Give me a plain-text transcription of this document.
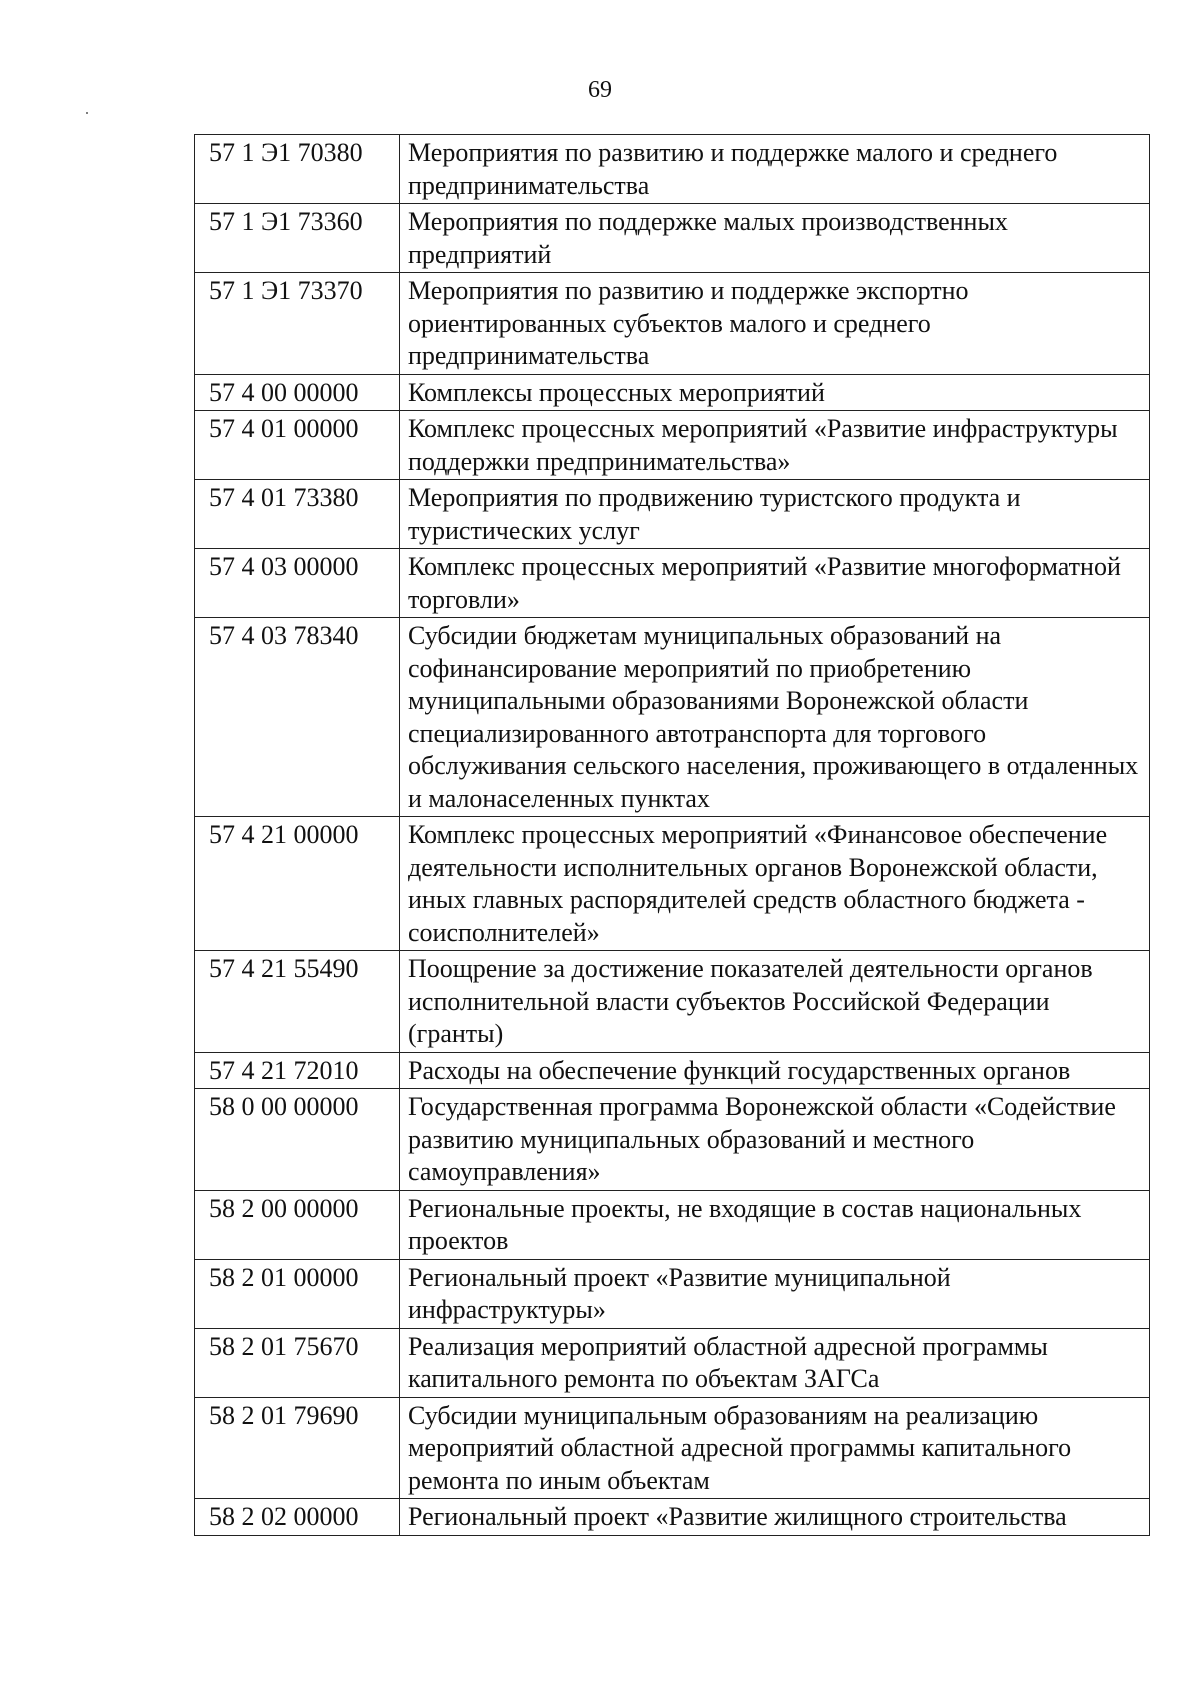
69
57 1 Э1 70380	Мероприятия по развитию и поддержке малого и среднего предпринимательства
57 1 Э1 73360	Мероприятия по поддержке малых производственных предприятий
57 1 Э1 73370	Мероприятия по развитию и поддержке экспортно ориентированных субъектов малого и среднего предпринимательства
57 4 00 00000	Комплексы процессных мероприятий
57 4 01 00000	Комплекс процессных мероприятий «Развитие инфраструктуры поддержки предпринимательства»
57 4 01 73380	Мероприятия по продвижению туристского продукта и туристических услуг
57 4 03 00000	Комплекс процессных мероприятий «Развитие многоформатной торговли»
57 4 03 78340	Субсидии бюджетам муниципальных образований на софинансирование мероприятий по приобретению муниципальными образованиями Воронежской области специализированного автотранспорта для торгового обслуживания сельского населения, проживающего в отдаленных и малонаселенных пунктах
57 4 21 00000	Комплекс процессных мероприятий «Финансовое обеспечение деятельности исполнительных органов Воронежской области, иных главных распорядителей средств областного бюджета - соисполнителей»
57 4 21 55490	Поощрение за достижение показателей деятельности органов исполнительной власти субъектов Российской Федерации (гранты)
57 4 21 72010	Расходы на обеспечение функций государственных органов
58 0 00 00000	Государственная программа Воронежской области «Содействие развитию муниципальных образований и местного самоуправления»
58 2 00 00000	Региональные проекты, не входящие в состав национальных проектов
58 2 01 00000	Региональный проект «Развитие муниципальной инфраструктуры»
58 2 01 75670	Реализация мероприятий областной адресной программы капитального ремонта по объектам ЗАГСа
58 2 01 79690	Субсидии муниципальным образованиям на реализацию мероприятий областной адресной программы капитального ремонта по иным объектам
58 2 02 00000	Региональный проект «Развитие жилищного строительства
